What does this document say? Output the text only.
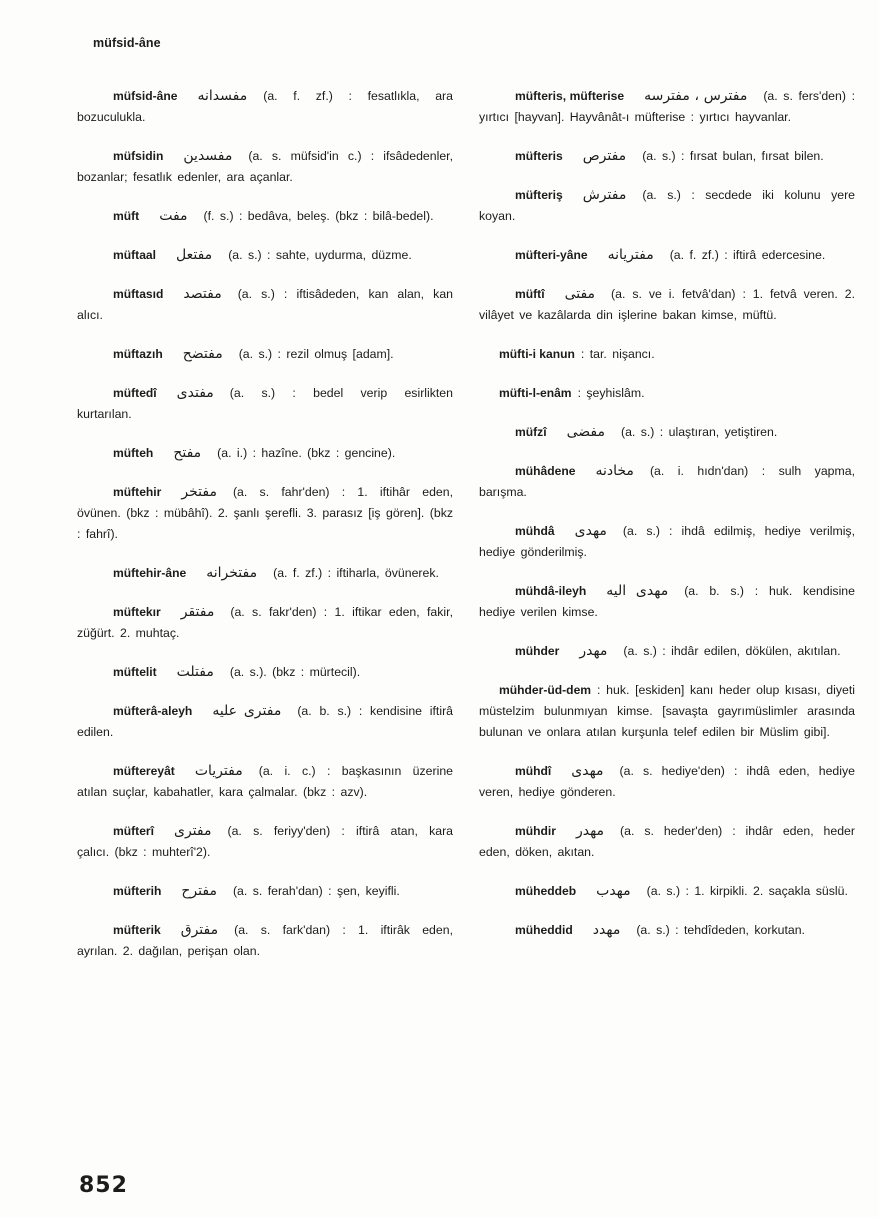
müfsid-âne

müfsid-âne مفسدانه (a. f. zf.) : fesatlıkla, ara bozuculukla.

müfsidin مفسدين (a. s. müfsid'in c.) : ifsâdedenler, bozanlar; fesatlık edenler, ara açanlar.

müft مفت (f. s.) : bedâva, beleş. (bkz : bilâ-bedel).

müftaal مفتعل (a. s.) : sahte, uydurma, düzme.

müftasıd مفتصد (a. s.) : iftisâdeden, kan alan, kan alıcı.

müftazıh مفتضح (a. s.) : rezil olmuş [adam].

müftedî مفتدى (a. s.) : bedel verip esirlikten kurtarılan.

müfteh مفتح (a. i.) : hazîne. (bkz : gencine).

müftehir مفتخر (a. s. fahr'den) : 1. iftihâr eden, övünen. (bkz : mübâhî). 2. şanlı şerefli. 3. parasız [iş gören]. (bkz : fahrî).

müftehir-âne مفتخرانه (a. f. zf.) : iftiharla, övünerek.

müftekır مفتقر (a. s. fakr'den) : 1. iftikar eden, fakir, züğürt. 2. muhtaç.

müftelit مفتلت (a. s.). (bkz : mürtecil).

müfterâ-aleyh مفترى عليه (a. b. s.) : kendisine iftirâ edilen.

müftereyât مفتريات (a. i. c.) : başkasının üzerine atılan suçlar, kabahatler, kara çalmalar. (bkz : azv).

müfterî مفترى (a. s. feriyy'den) : iftirâ atan, kara çalıcı. (bkz : muhterî'2).

müfterih مفترح (a. s. ferah'dan) : şen, keyifli.

müfterik مفترق (a. s. fark'dan) : 1. iftirâk eden, ayrılan. 2. dağılan, perişan olan.

müfteris, müfterise مفترس ، مفترسه (a. s. fers'den) : yırtıcı [hayvan]. Hayvânât-ı müfterise : yırtıcı hayvanlar.

müfteris مفترص (a. s.) : fırsat bulan, fırsat bilen.

müfteriş مفترش (a. s.) : secdede iki kolunu yere koyan.

müfteri-yâne مفتريانه (a. f. zf.) : iftirâ edercesine.

müftî مفتى (a. s. ve i. fetvâ'dan) : 1. fetvâ veren. 2. vilâyet ve kazâlarda din işlerine bakan kimse, müftü.

müfti-i kanun : tar. nişancı.

müfti-l-enâm : şeyhislâm.

müfzî مفضى (a. s.) : ulaştıran, yetiştiren.

mühâdene مخادنه (a. i. hıdn'dan) : sulh yapma, barışma.

mühdâ مهدى (a. s.) : ihdâ edilmiş, hediye verilmiş, hediye gönderilmiş.

mühdâ-ileyh مهدى اليه (a. b. s.) : huk. kendisine hediye verilen kimse.

mühder مهدر (a. s.) : ihdâr edilen, dökülen, akıtılan.

mühder-üd-dem : huk. [eskiden] kanı heder olup kısası, diyeti müstelzim bulunmıyan kimse. [savaşta gayrımüslimler arasında bulunan ve onlara atılan kurşunla telef edilen bir Müslim gibi].

mühdî مهدى (a. s. hediye'den) : ihdâ eden, hediye veren, hediye gönderen.

mühdir مهدر (a. s. heder'den) : ihdâr eden, heder eden, döken, akıtan.

müheddeb مهدب (a. s.) : 1. kirpikli. 2. saçakla süslü.

müheddid مهدد (a. s.) : tehdîdeden, korkutan.

852
